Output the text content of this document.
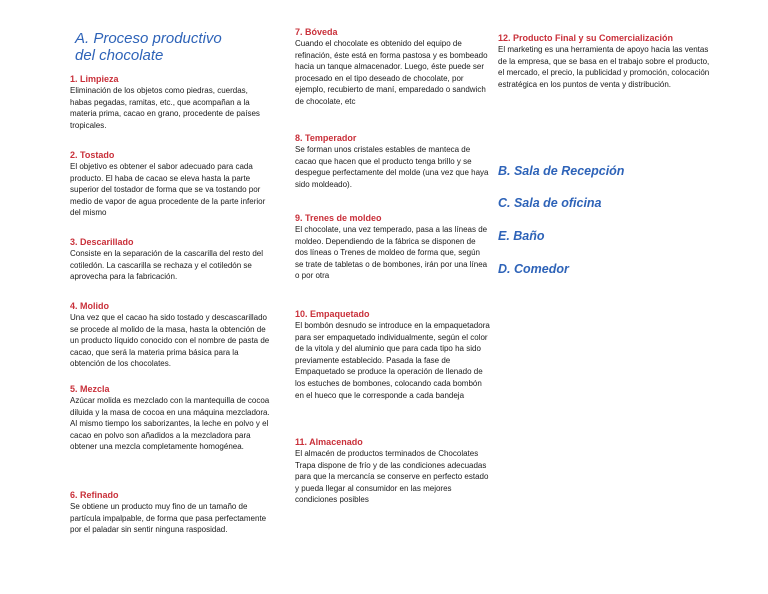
A. Proceso productivo
del chocolate

1. Limpieza

Eliminación de los objetos como piedras, cuerdas, habas pegadas, ramitas, etc., que acompañan a la materia prima, cacao en grano, procedente de países tropicales.

2. Tostado

El objetivo es obtener el sabor adecuado para cada producto. El haba de cacao se eleva hasta la parte superior del tostador de forma que se va tostando por medio de vapor de agua procedente de la parte inferior del mismo

3. Descarillado

Consiste en la separación de la cascarilla del resto del cotiledón. La cascarilla se rechaza y el cotiledón se aprovecha para la fabricación.

4. Molido

Una vez que el cacao ha sido tostado y descascarillado se procede al molido de la masa, hasta la obtención de un producto líquido conocido con el nombre de pasta de cacao, que será la materia prima básica para la obtención de los chocolates.

5. Mezcla

Azúcar molida es mezclado con la mantequilla de cocoa diluida y la masa de cocoa en una máquina mezcladora. Al mismo tiempo los saborizantes, la leche en polvo y el cacao en polvo son añadidos a la mezcladora para obtener una mezcla completamente homogénea.

6. Refinado

Se obtiene un producto muy fino de un tamaño de partícula impalpable, de forma que pasa perfectamente por el paladar sin sentir ninguna rasposidad.

7. Bóveda

Cuando el chocolate es obtenido del equipo de refinación, éste está en forma pastosa y es bombeado hacia un tanque almacenador. Luego, éste puede ser procesado en el tipo deseado de chocolate, por ejemplo, recubierto de maní, emparedado o sandwich de chocolate, etc

8. Temperador

Se forman unos cristales estables de manteca de cacao que hacen que el producto tenga brillo y se despegue perfectamente del molde (una vez que haya sido moldeado).

9. Trenes de moldeo

El chocolate, una vez temperado, pasa a las líneas de moldeo. Dependiendo de la fábrica se disponen de dos líneas o Trenes de moldeo de forma que, según se trate de tabletas o de bombones, irán por una línea o por otra

10. Empaquetado

El bombón desnudo se introduce en la empaquetadora para ser empaquetado individualmente, según el color de la vitola y del aluminio que para cada tipo ha sido previamente establecido. Pasada la fase de Empaquetado se produce la operación de llenado de los estuches de bombones, colocando cada bombón en el hueco que le corresponde a cada bandeja

11. Almacenado

El almacén de productos terminados de Chocolates Trapa dispone de frío y de las condiciones adecuadas para que la mercancía se conserve en perfecto estado y pueda llegar al consumidor en las mejores condiciones posibles

12. Producto Final y su Comercialización

El marketing es una herramienta de apoyo hacia las ventas de la empresa, que se basa en el trabajo sobre el producto, el mercado, el precio, la publicidad y promoción, colocación estratégica en los puntos de venta y distribución.

B. Sala de Recepción

C. Sala de oficina

E. Baño

D. Comedor
